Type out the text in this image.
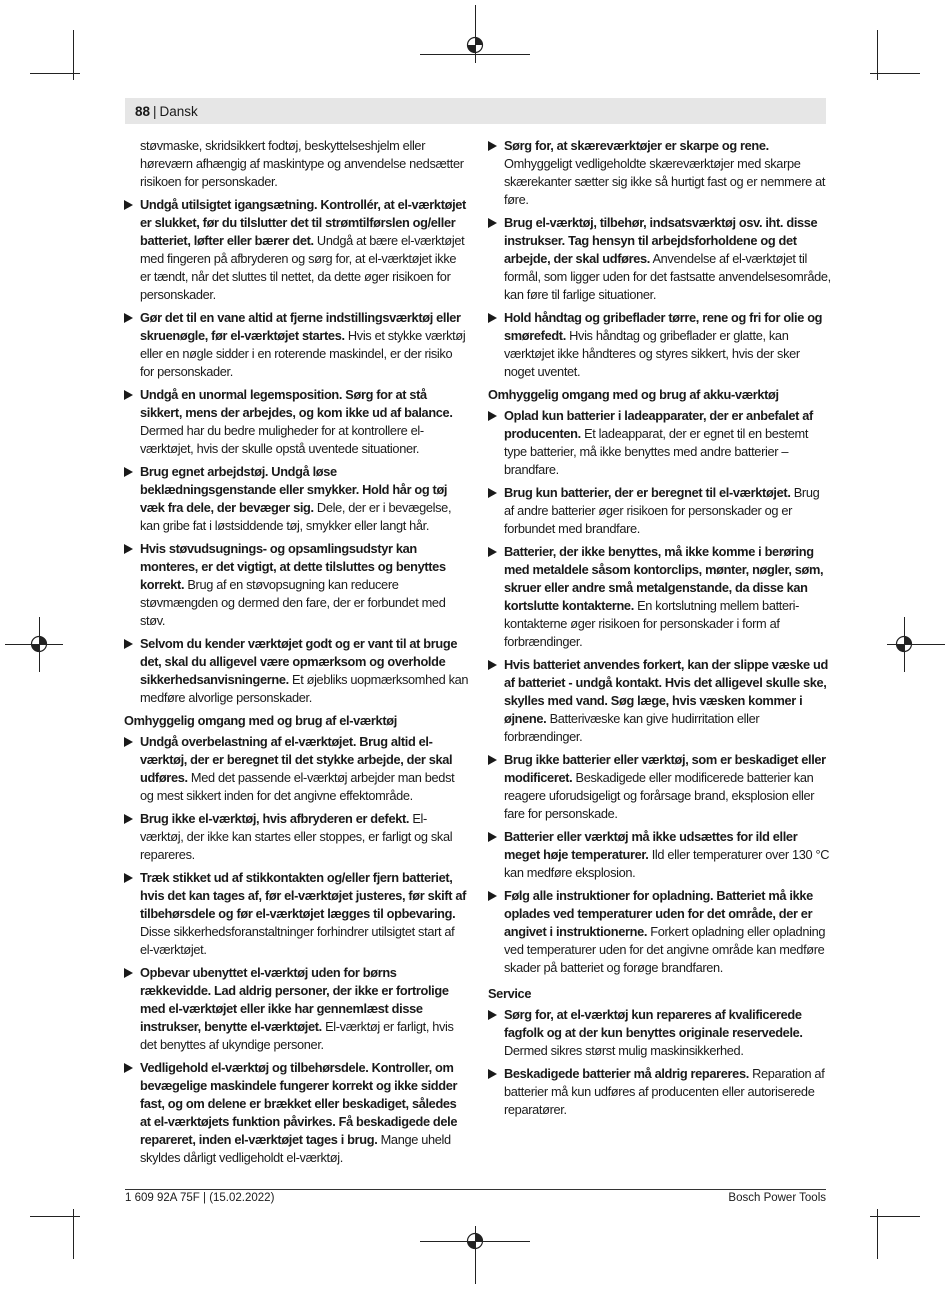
88 | Dansk
støvmaske, skridsikkert fodtøj, beskyttelseshjelm eller høreværn afhængig af maskintype og anvendelse nedsætter risikoen for personskader.
Undgå utilsigtet igangsætning. Kontrollér, at el-værktøjet er slukket, før du tilslutter det til strømtilførslen og/eller batteriet, løfter eller bærer det. Undgå at bære el-værktøjet med fingeren på afbryderen og sørg for, at el-værktøjet ikke er tændt, når det sluttes til nettet, da dette øger risikoen for personskader.
Gør det til en vane altid at fjerne indstillingsværktøj eller skruenøgle, før el-værktøjet startes. Hvis et stykke værktøj eller en nøgle sidder i en roterende maskindel, er der risiko for personskader.
Undgå en unormal legemsposition. Sørg for at stå sikkert, mens der arbejdes, og kom ikke ud af balance. Dermed har du bedre muligheder for at kontrollere el-værktøjet, hvis der skulle opstå uventede situationer.
Brug egnet arbejdstøj. Undgå løse beklædningsgenstande eller smykker. Hold hår og tøj væk fra dele, der bevæger sig. Dele, der er i bevægelse, kan gribe fat i løstsiddende tøj, smykker eller langt hår.
Hvis støvudsugnings- og opsamlingsudstyr kan monteres, er det vigtigt, at dette tilsluttes og benyttes korrekt. Brug af en støvopsugning kan reducere støvmængden og dermed den fare, der er forbundet med støv.
Selvom du kender værktøjet godt og er vant til at bruge det, skal du alligevel være opmærksom og overholde sikkerhedsanvisningerne. Et øjebliks uopmærksomhed kan medføre alvorlige personskader.
Omhyggelig omgang med og brug af el-værktøj
Undgå overbelastning af el-værktøjet. Brug altid el-værktøj, der er beregnet til det stykke arbejde, der skal udføres. Med det passende el-værktøj arbejder man bedst og mest sikkert inden for det angivne effektområde.
Brug ikke el-værktøj, hvis afbryderen er defekt. El-værktøj, der ikke kan startes eller stoppes, er farligt og skal repareres.
Træk stikket ud af stikkontakten og/eller fjern batteriet, hvis det kan tages af, før el-værktøjet justeres, før skift af tilbehørsdele og før el-værktøjet lægges til opbevaring. Disse sikkerhedsforanstaltninger forhindrer utilsigtet start af el-værktøjet.
Opbevar ubenyttet el-værktøj uden for børns rækkevidde. Lad aldrig personer, der ikke er fortrolige med el-værktøjet eller ikke har gennemlæst disse instrukser, benytte el-værktøjet. El-værktøj er farligt, hvis det benyttes af ukyndige personer.
Vedligehold el-værktøj og tilbehørsdele. Kontroller, om bevægelige maskindele fungerer korrekt og ikke sidder fast, og om delene er brækket eller beskadiget, således at el-værktøjets funktion påvirkes. Få beskadigede dele repareret, inden el-værktøjet tages i brug. Mange uheld skyldes dårligt vedligeholdt el-værktøj.
Sørg for, at skæreværktøjer er skarpe og rene. Omhyggeligt vedligeholdte skæreværktøjer med skarpe skærekanter sætter sig ikke så hurtigt fast og er nemmere at føre.
Brug el-værktøj, tilbehør, indsatsværktøj osv. iht. disse instrukser. Tag hensyn til arbejdsforholdene og det arbejde, der skal udføres. Anvendelse af el-værktøjet til formål, som ligger uden for det fastsatte anvendelsesområde, kan føre til farlige situationer.
Hold håndtag og gribeflader tørre, rene og fri for olie og smørefedt. Hvis håndtag og gribeflader er glatte, kan værktøjet ikke håndteres og styres sikkert, hvis der sker noget uventet.
Omhyggelig omgang med og brug af akku-værktøj
Oplad kun batterier i ladeapparater, der er anbefalet af producenten. Et ladeapparat, der er egnet til en bestemt type batterier, må ikke benyttes med andre batterier – brandfare.
Brug kun batterier, der er beregnet til el-værktøjet. Brug af andre batterier øger risikoen for personskader og er forbundet med brandfare.
Batterier, der ikke benyttes, må ikke komme i berøring med metaldele såsom kontorclips, mønter, nøgler, søm, skruer eller andre små metalgenstande, da disse kan kortslutte kontakterne. En kortslutning mellem batteri-kontakterne øger risikoen for personskader i form af forbrændinger.
Hvis batteriet anvendes forkert, kan der slippe væske ud af batteriet - undgå kontakt. Hvis det alligevel skulle ske, skylles med vand. Søg læge, hvis væsken kommer i øjnene. Batterivæske kan give hudirritation eller forbrændinger.
Brug ikke batterier eller værktøj, som er beskadiget eller modificeret. Beskadigede eller modificerede batterier kan reagere uforudsigeligt og forårsage brand, eksplosion eller fare for personskade.
Batterier eller værktøj må ikke udsættes for ild eller meget høje temperaturer. Ild eller temperaturer over 130 °C kan medføre eksplosion.
Følg alle instruktioner for opladning. Batteriet må ikke oplades ved temperaturer uden for det område, der er angivet i instruktionerne. Forkert opladning eller opladning ved temperaturer uden for det angivne område kan medføre skader på batteriet og forøge brandfaren.
Service
Sørg for, at el-værktøj kun repareres af kvalificerede fagfolk og at der kun benyttes originale reservedele. Dermed sikres størst mulig maskinsikkerhed.
Beskadigede batterier må aldrig repareres. Reparation af batterier må kun udføres af producenten eller autoriserede reparatører.
1 609 92A 75F | (15.02.2022)	Bosch Power Tools
